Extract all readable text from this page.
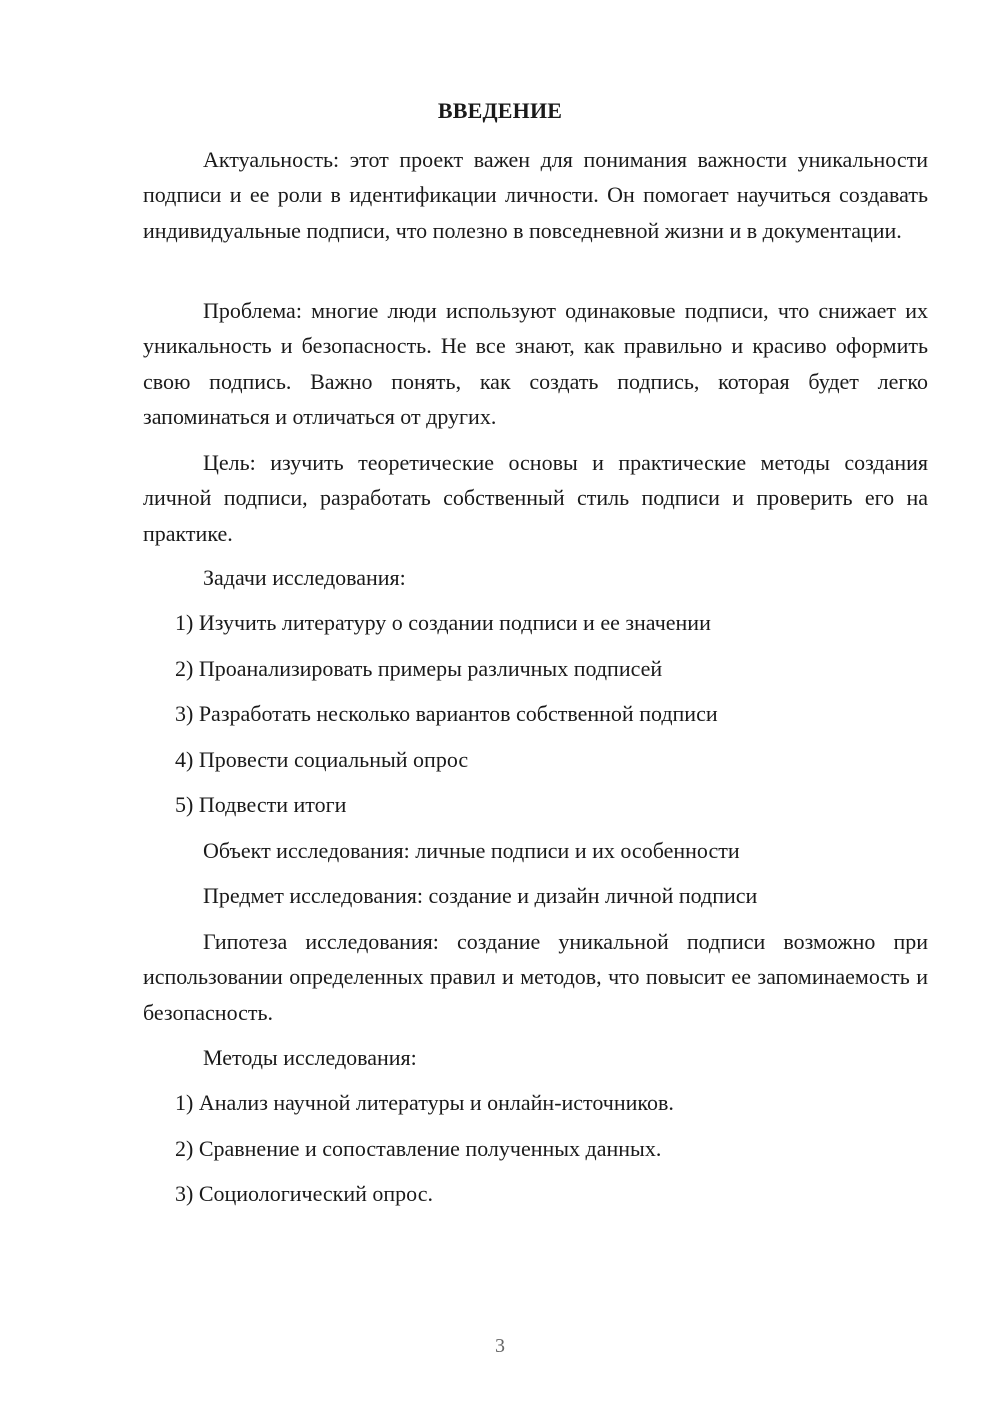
ВВЕДЕНИЕ

Актуальность: этот проект важен для понимания важности уникальности подписи и ее роли в идентификации личности. Он помогает научиться создавать индивидуальные подписи, что полезно в повседневной жизни и в документации.

Проблема: многие люди используют одинаковые подписи, что снижает их уникальность и безопасность. Не все знают, как правильно и красиво оформить свою подпись. Важно понять, как создать подпись, которая будет легко запоминаться и отличаться от других.

Цель: изучить теоретические основы и практические методы создания личной подписи, разработать собственный стиль подписи и проверить его на практике.

Задачи исследования:
1) Изучить литературу о создании подписи и ее значении
2) Проанализировать примеры различных подписей
3) Разработать несколько вариантов собственной подписи
4) Провести социальный опрос
5) Подвести итоги
Объект исследования: личные подписи и их особенности
Предмет исследования: создание и дизайн личной подписи

Гипотеза исследования: создание уникальной подписи возможно при использовании определенных правил и методов, что повысит ее запоминаемость и безопасность.

Методы исследования:
1) Анализ научной литературы и онлайн-источников.
2) Сравнение и сопоставление полученных данных.
3) Социологический опрос.
3
